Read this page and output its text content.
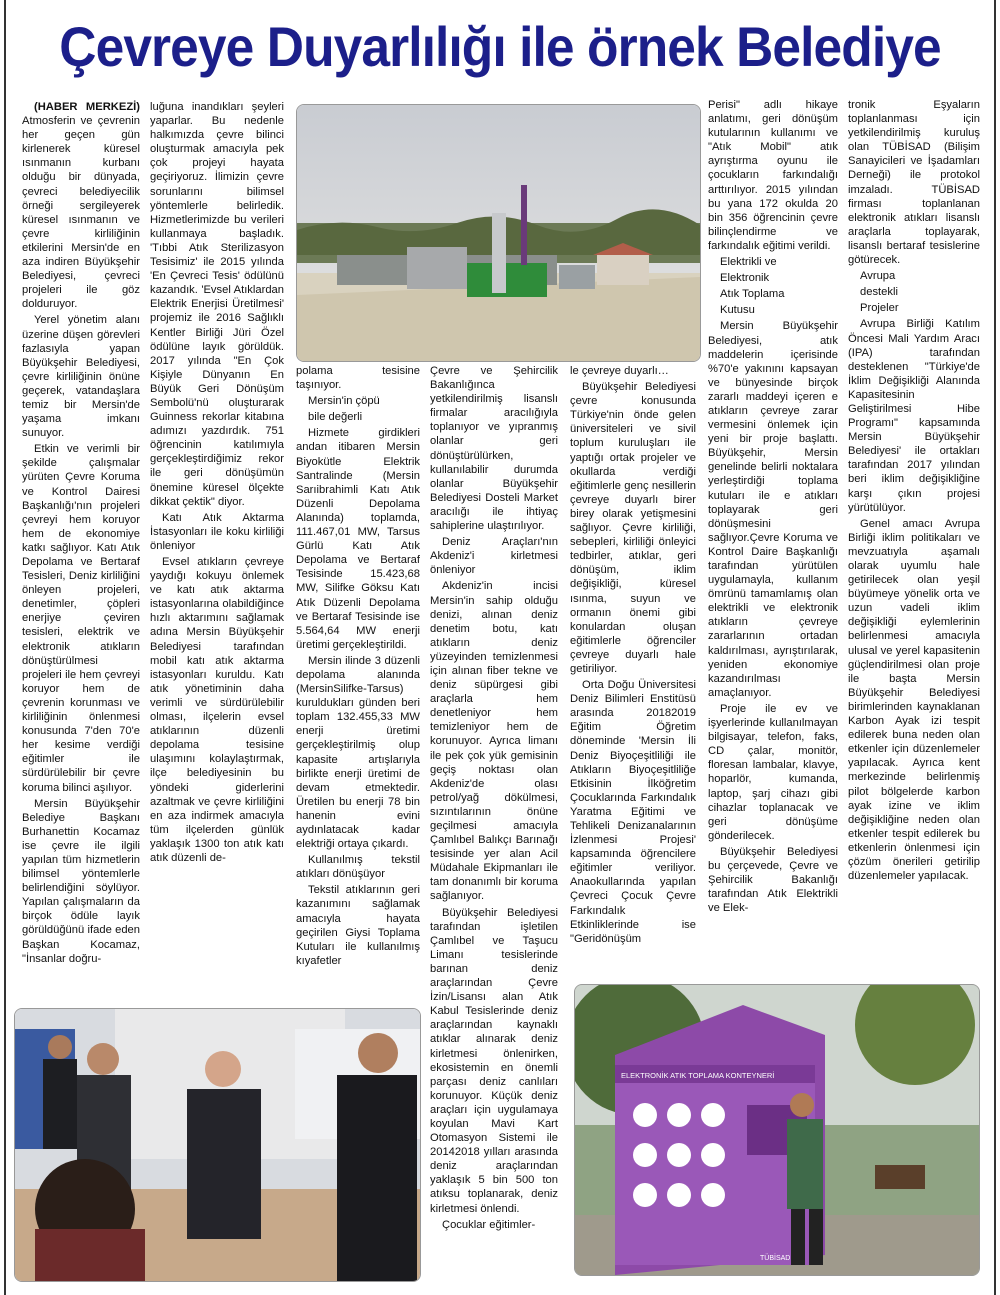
Çevreye Duyarlılığı ile örnek Belediye

(HABER MERKEZİ) Atmosferin ve çevrenin her geçen gün kirlenerek küresel ısınmanın kurbanı olduğu bir dünyada, çevreci belediyecilik örneği sergileyerek küresel ısınmanın ve çevre kirliliğinin etkilerini Mersin'de en aza indiren Büyükşehir Belediyesi, çevreci projeleri ile göz dolduruyor.

Yerel yönetim alanı üzerine düşen görevleri fazlasıyla yapan Büyükşehir Belediyesi, çevre kirliliğinin önüne geçerek, vatandaşlara temiz bir Mersin'de yaşama imkanı sunuyor.

Etkin ve verimli bir şekilde çalışmalar yürüten Çevre Koruma ve Kontrol Dairesi Başkanlığı'nın projeleri çevreyi hem koruyor hem de ekonomiye katkı sağlıyor. Katı Atık Depolama ve Bertaraf Tesisleri, Deniz kirliliğini önleyen projeleri, denetimler, çöpleri enerjiye çeviren tesisleri, elektrik ve elektronik atıkların dönüştürülmesi projeleri ile hem çevreyi koruyor hem de çevrenin korunması ve kirliliğinin önlenmesi konusunda 7'den 70'e her kesime verdiği eğitimler ile sürdürülebilir bir çevre koruma bilinci aşılıyor.

Mersin Büyükşehir Belediye Başkanı Burhanettin Kocamaz ise çevre ile ilgili yapılan tüm hizmetlerin bilimsel yöntemlerle belirlendiğini söylüyor. Yapılan çalışmaların da birçok ödüle layık görüldüğünü ifade eden Başkan Kocamaz, "İnsanlar doğru-

luğuna inandıkları şeyleri yaparlar. Bu nedenle halkımızda çevre bilinci oluşturmak amacıyla pek çok projeyi hayata geçiriyoruz. İlimizin çevre sorunlarını bilimsel yöntemlerle belirledik. Hizmetlerimizde bu verileri kullanmaya başladık. 'Tıbbi Atık Sterilizasyon Tesisimiz' ile 2015 yılında 'En Çevreci Tesis' ödülünü kazandık. 'Evsel Atıklardan Elektrik Enerjisi Üretilmesi' projemiz ile 2016 Sağlıklı Kentler Birliği Jüri Özel ödülüne layık görüldük. 2017 yılında "En Çok Kişiyle Dünyanın En Büyük Geri Dönüşüm Sembolü'nü oluşturarak Guinness rekorlar kitabına adımızı yazdırdık. 751 öğrencinin katılımıyla gerçekleştirdiğimiz rekor ile geri dönüşümün önemine küresel ölçekte dikkat çektik" diyor.

Katı Atık Aktarma İstasyonları ile koku kirliliği önleniyor

Evsel atıkların çevreye yaydığı kokuyu önlemek ve katı atık aktarma istasyonlarına olabildiğince hızlı aktarımını sağlamak adına Mersin Büyükşehir Belediyesi tarafından mobil katı atık aktarma istasyonları kuruldu. Katı atık yönetiminin daha verimli ve sürdürülebilir olması, ilçelerin evsel atıklarının düzenli depolama tesisine ulaşımını kolaylaştırmak, ilçe belediyesinin bu yöndeki giderlerini azaltmak ve çevre kirliliğini en aza indirmek amacıyla tüm ilçelerden günlük yaklaşık 1300 ton atık katı atık düzenli de-

polama tesisine taşınıyor.

Mersin'in çöpü

bile değerli

Hizmete girdikleri andan itibaren Mersin Biyokütle Elektrik Santralinde (Mersin Sarıibrahimli Katı Atık Düzenli Depolama Alanında) toplamda, 111.467,01 MW, Tarsus Gürlü Katı Atık Depolama ve Bertaraf Tesisinde 15.423,68 MW, Silifke Göksu Katı Atık Düzenli Depolama ve Bertaraf Tesisinde ise 5.564,64 MW enerji üretimi gerçekleştirildi.

Mersin ilinde 3 düzenli depolama alanında (MersinSilifke-Tarsus) kuruldukları günden beri toplam 132.455,33 MW enerji üretimi gerçekleştirilmiş olup kapasite artışlarıyla birlikte enerji üretimi de devam etmektedir. Üretilen bu enerji 78 bin hanenin evini aydınlatacak kadar elektriği ortaya çıkardı.

Kullanılmış tekstil atıkları dönüşüyor

Tekstil atıklarının geri kazanımını sağlamak amacıyla hayata geçirilen Giysi Toplama Kutuları ile kullanılmış kıyafetler

Çevre ve Şehircilik Bakanlığınca yetkilendirilmiş lisanslı firmalar aracılığıyla toplanıyor ve yıpranmış olanlar geri dönüştürülürken, kullanılabilir durumda olanlar Büyükşehir Belediyesi Dosteli Market aracılığı ile ihtiyaç sahiplerine ulaştırılıyor.

Deniz Araçları'nın Akdeniz'i kirletmesi önleniyor

Akdeniz'in incisi Mersin'in sahip olduğu denizi, alınan deniz denetim botu, katı atıkların deniz yüzeyinden temizlenmesi için alınan fiber tekne ve deniz süpürgesi gibi araçlarla hem denetleniyor hem temizleniyor hem de korunuyor. Ayrıca limanı ile pek çok yük gemisinin geçiş noktası olan Akdeniz'de olası petrol/yağ dökülmesi, sızıntılarının önüne geçilmesi amacıyla Çamlıbel Balıkçı Barınağı tesisinde yer alan Acil Müdahale Ekipmanları ile tam donanımlı bir koruma sağlanıyor.

Büyükşehir Belediyesi tarafından işletilen Çamlıbel ve Taşucu Limanı tesislerinde barınan deniz araçlarından Çevre İzin/Lisansı alan Atık Kabul Tesislerinde deniz araçlarından kaynaklı atıklar alınarak deniz kirletmesi önlenirken, ekosistemin en önemli parçası deniz canlıları korunuyor. Küçük deniz araçları için uygulamaya koyulan Mavi Kart Otomasyon Sistemi ile 20142018 yılları arasında deniz araçlarından yaklaşık 5 bin 500 ton atıksu toplanarak, deniz kirletmesi önlendi.

Çocuklar eğitimler-

le çevreye duyarlı…

Büyükşehir Belediyesi çevre konusunda Türkiye'nin önde gelen üniversiteleri ve sivil toplum kuruluşları ile yaptığı ortak projeler ve okullarda verdiği eğitimlerle genç nesillerin çevreye duyarlı birer birey olarak yetişmesini sağlıyor. Çevre kirliliği, sebepleri, kirliliği önleyici tedbirler, atıklar, geri dönüşüm, iklim değişikliği, küresel ısınma, suyun ve ormanın önemi gibi konulardan oluşan eğitimlerle öğrenciler çevreye duyarlı hale getiriliyor.

Orta Doğu Üniversitesi Deniz Bilimleri Enstitüsü arasında 20182019 Eğitim Öğretim döneminde 'Mersin İli Deniz Biyoçeşitliliği ile Atıkların Biyoçeşitliliğe Etkisinin İlköğretim Çocuklarında Farkındalık Yaratma Eğitimi ve Tehlikeli Denizanalarının İzlenmesi Projesi' kapsamında öğrencilere eğitimler veriliyor. Anaokullarında yapılan Çevreci Çocuk Çevre Farkındalık Etkinliklerinde ise "Geridönüşüm

Perisi" adlı hikaye anlatımı, geri dönüşüm kutularının kullanımı ve "Atık Mobil" atık ayrıştırma oyunu ile çocukların farkındalığı arttırılıyor. 2015 yılından bu yana 172 okulda 20 bin 356 öğrencinin çevre bilinçlendirme ve farkındalık eğitimi verildi.

Elektrikli ve

Elektronik

Atık Toplama

Kutusu

Mersin Büyükşehir Belediyesi, atık maddelerin içerisinde %70'e yakınını kapsayan ve bünyesinde birçok zararlı maddeyi içeren e atıkların çevreye zarar vermesini önlemek için yeni bir proje başlattı. Büyükşehir, Mersin genelinde belirli noktalara yerleştirdiği toplama kutuları ile e atıkları toplayarak geri dönüşmesini sağlıyor.Çevre Koruma ve Kontrol Daire Başkanlığı tarafından yürütülen uygulamayla, kullanım ömrünü tamamlamış olan elektrikli ve elektronik atıkların çevreye zararlarının ortadan kaldırılması, ayrıştırılarak, yeniden ekonomiye kazandırılması amaçlanıyor.

Proje ile ev ve işyerlerinde kullanılmayan bilgisayar, telefon, faks, CD çalar, monitör, floresan lambalar, klavye, hoparlör, kumanda, laptop, şarj cihazı gibi cihazlar toplanacak ve geri dönüşüme gönderilecek.

Büyükşehir Belediyesi bu çerçevede, Çevre ve Şehircilik Bakanlığı tarafından Atık Elektrikli ve Elek-

tronik Eşyaların toplanlanması için yetkilendirilmiş kuruluş olan TÜBİSAD (Bilişim Sanayicileri ve İşadamları Derneği) ile protokol imzaladı. TÜBİSAD firması toplanlanan elektronik atıkları lisanslı araçlarla toplayarak, lisanslı bertaraf tesislerine götürecek.

Avrupa

destekli

Projeler

Avrupa Birliği Katılım Öncesi Mali Yardım Aracı (IPA) tarafından desteklenen "Türkiye'de İklim Değişikliği Alanında Kapasitesinin Geliştirilmesi Hibe Programı" kapsamında Mersin Büyükşehir Belediyesi' ile ortakları tarafından 2017 yılından beri iklim değişikliğine karşı çıkın projesi yürütülüyor.

Genel amacı Avrupa Birliği iklim politikaları ve mevzuatıyla aşamalı olarak uyumlu hale getirilecek olan yeşil büyümeye yönelik orta ve uzun vadeli iklim değişikliği eylemlerinin belirlenmesi amacıyla ulusal ve yerel kapasitenin güçlendirilmesi olan proje ile başta Mersin Büyükşehir Belediyesi birimlerinden kaynaklanan Karbon Ayak izi tespit edilerek buna neden olan etkenler için düzenlemeler yapılacak. Ayrıca kent merkezinde belirlenmiş pilot bölgelerde karbon ayak izine ve iklim değişikliğine neden olan etkenler tespit edilerek bu etkenlerin önlenmesi için çözüm önerileri getirilip düzenlemeler yapılacak.

ELEKTRONİK ATIK TOPLAMA KONTEYNERİ
TÜBİSAD
